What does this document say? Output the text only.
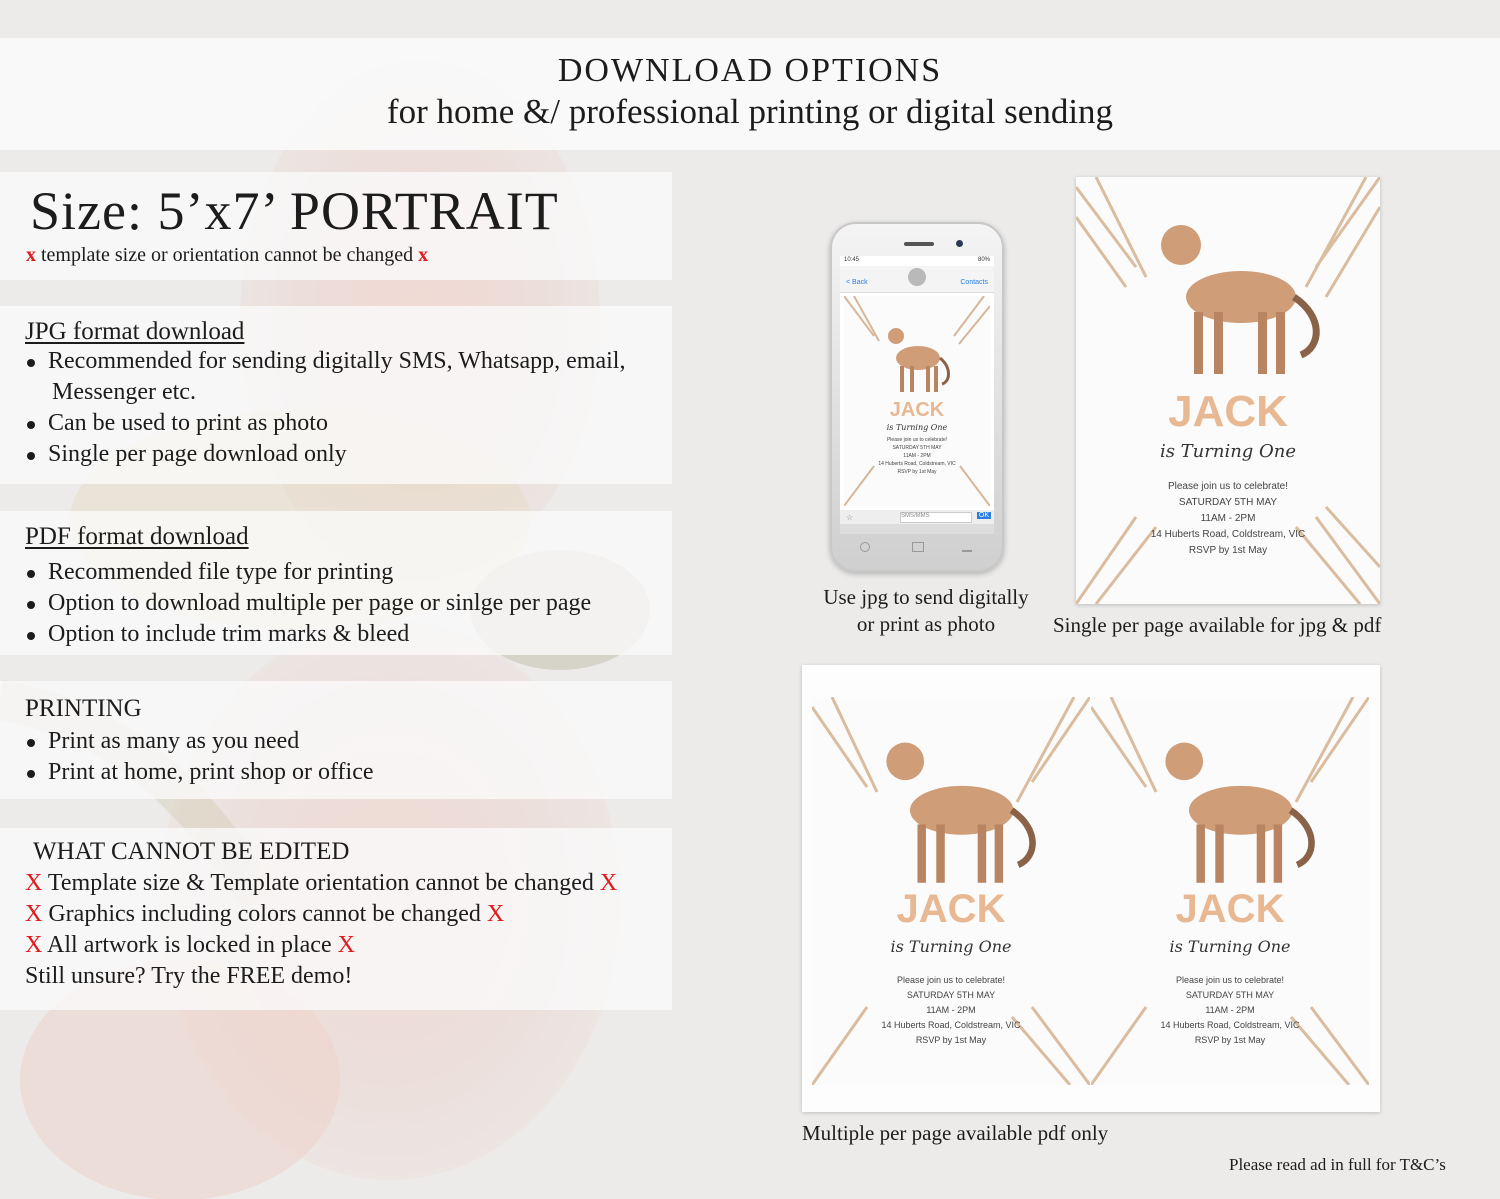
DOWNLOAD OPTIONS
for home &/ professional printing or digital sending
Size: 5’x7’ PORTRAIT
x template size or orientation cannot be changed x
JPG format download
Recommended for sending digitally SMS, Whatsapp, email,
Messenger etc.
Can be used to print as photo
Single per page download only
PDF format download
Recommended file type for printing
Option to download multiple per page or sinlge per page
Option to include trim marks & bleed
PRINTING
Print as many as you need
Print at home, print shop or office
WHAT CANNOT BE EDITED
X Template size & Template orientation cannot be changed X
X Graphics including colors cannot be changed X
X All artwork is locked in place X
Still unsure? Try the FREE demo!
10:45	80%
< Back	Contacts
JACK
is Turning One
Please join us to celebrate!
SATURDAY 5TH MAY
11AM - 2PM
14 Huberts Road, Coldstream, VIC
RSVP by 1st May
☆	SMS/MMS	OK
Use jpg to send digitally
or print as photo
JACK
is Turning One
Please join us to celebrate!
SATURDAY 5TH MAY
11AM - 2PM
14 Huberts Road, Coldstream, VIC
RSVP by 1st May
Single per page available for jpg & pdf
JACK
is Turning One
Please join us to celebrate!
SATURDAY 5TH MAY
11AM - 2PM
14 Huberts Road, Coldstream, VIC
RSVP by 1st May
JACK
is Turning One
Please join us to celebrate!
SATURDAY 5TH MAY
11AM - 2PM
14 Huberts Road, Coldstream, VIC
RSVP by 1st May
Multiple per page available pdf only
Please read ad in full for T&C’s
